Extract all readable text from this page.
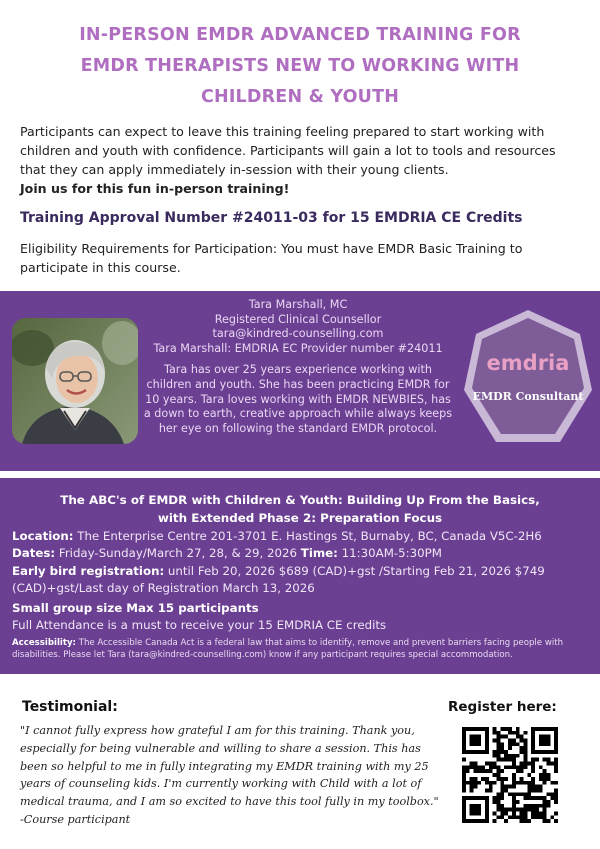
IN-PERSON EMDR ADVANCED TRAINING FOR
EMDR THERAPISTS NEW TO WORKING WITH
CHILDREN & YOUTH
Participants can expect to leave this training feeling prepared to start working with children and youth with confidence. Participants will gain a lot to tools and resources that they can apply immediately in-session with their young clients.
Join us for this fun in-person training!
Training Approval Number #24011-03 for 15 EMDRIA CE Credits
Eligibility Requirements for Participation: You must have EMDR Basic Training to participate in this course.
Tara Marshall, MC
Registered Clinical Counsellor
tara@kindred-counselling.com
Tara Marshall: EMDRIA EC Provider number #24011
Tara has over 25 years experience working with children and youth. She has been practicing EMDR for 10 years. Tara loves working with EMDR NEWBIES, has a down to earth, creative approach while always keeps her eye on following the standard EMDR protocol.
emdria
EMDR Consultant
The ABC's of EMDR with Children & Youth: Building Up From the Basics,
with Extended Phase 2: Preparation Focus
Location: The Enterprise Centre 201-3701 E. Hastings St, Burnaby, BC, Canada V5C-2H6
Dates: Friday-Sunday/March 27, 28, & 29, 2026 Time: 11:30AM-5:30PM
Early bird registration: until Feb 20, 2026 $689 (CAD)+gst /Starting Feb 21, 2026 $749 (CAD)+gst/Last day of Registration March 13, 2026
Small group size Max 15 participants
Full Attendance is a must to receive your 15 EMDRIA CE credits
Accessibility: The Accessible Canada Act is a federal law that aims to identify, remove and prevent barriers facing people with disabilities. Please let Tara (tara@kindred-counselling.com) know if any participant requires special accommodation.
Testimonial:
"I cannot fully express how grateful I am for this training. Thank you, especially for being vulnerable and willing to share a session. This has been so helpful to me in fully integrating my EMDR training with my 25 years of counseling kids. I'm currently working with Child with a lot of medical trauma, and I am so excited to have this tool fully in my toolbox."
-Course participant
Register here:
